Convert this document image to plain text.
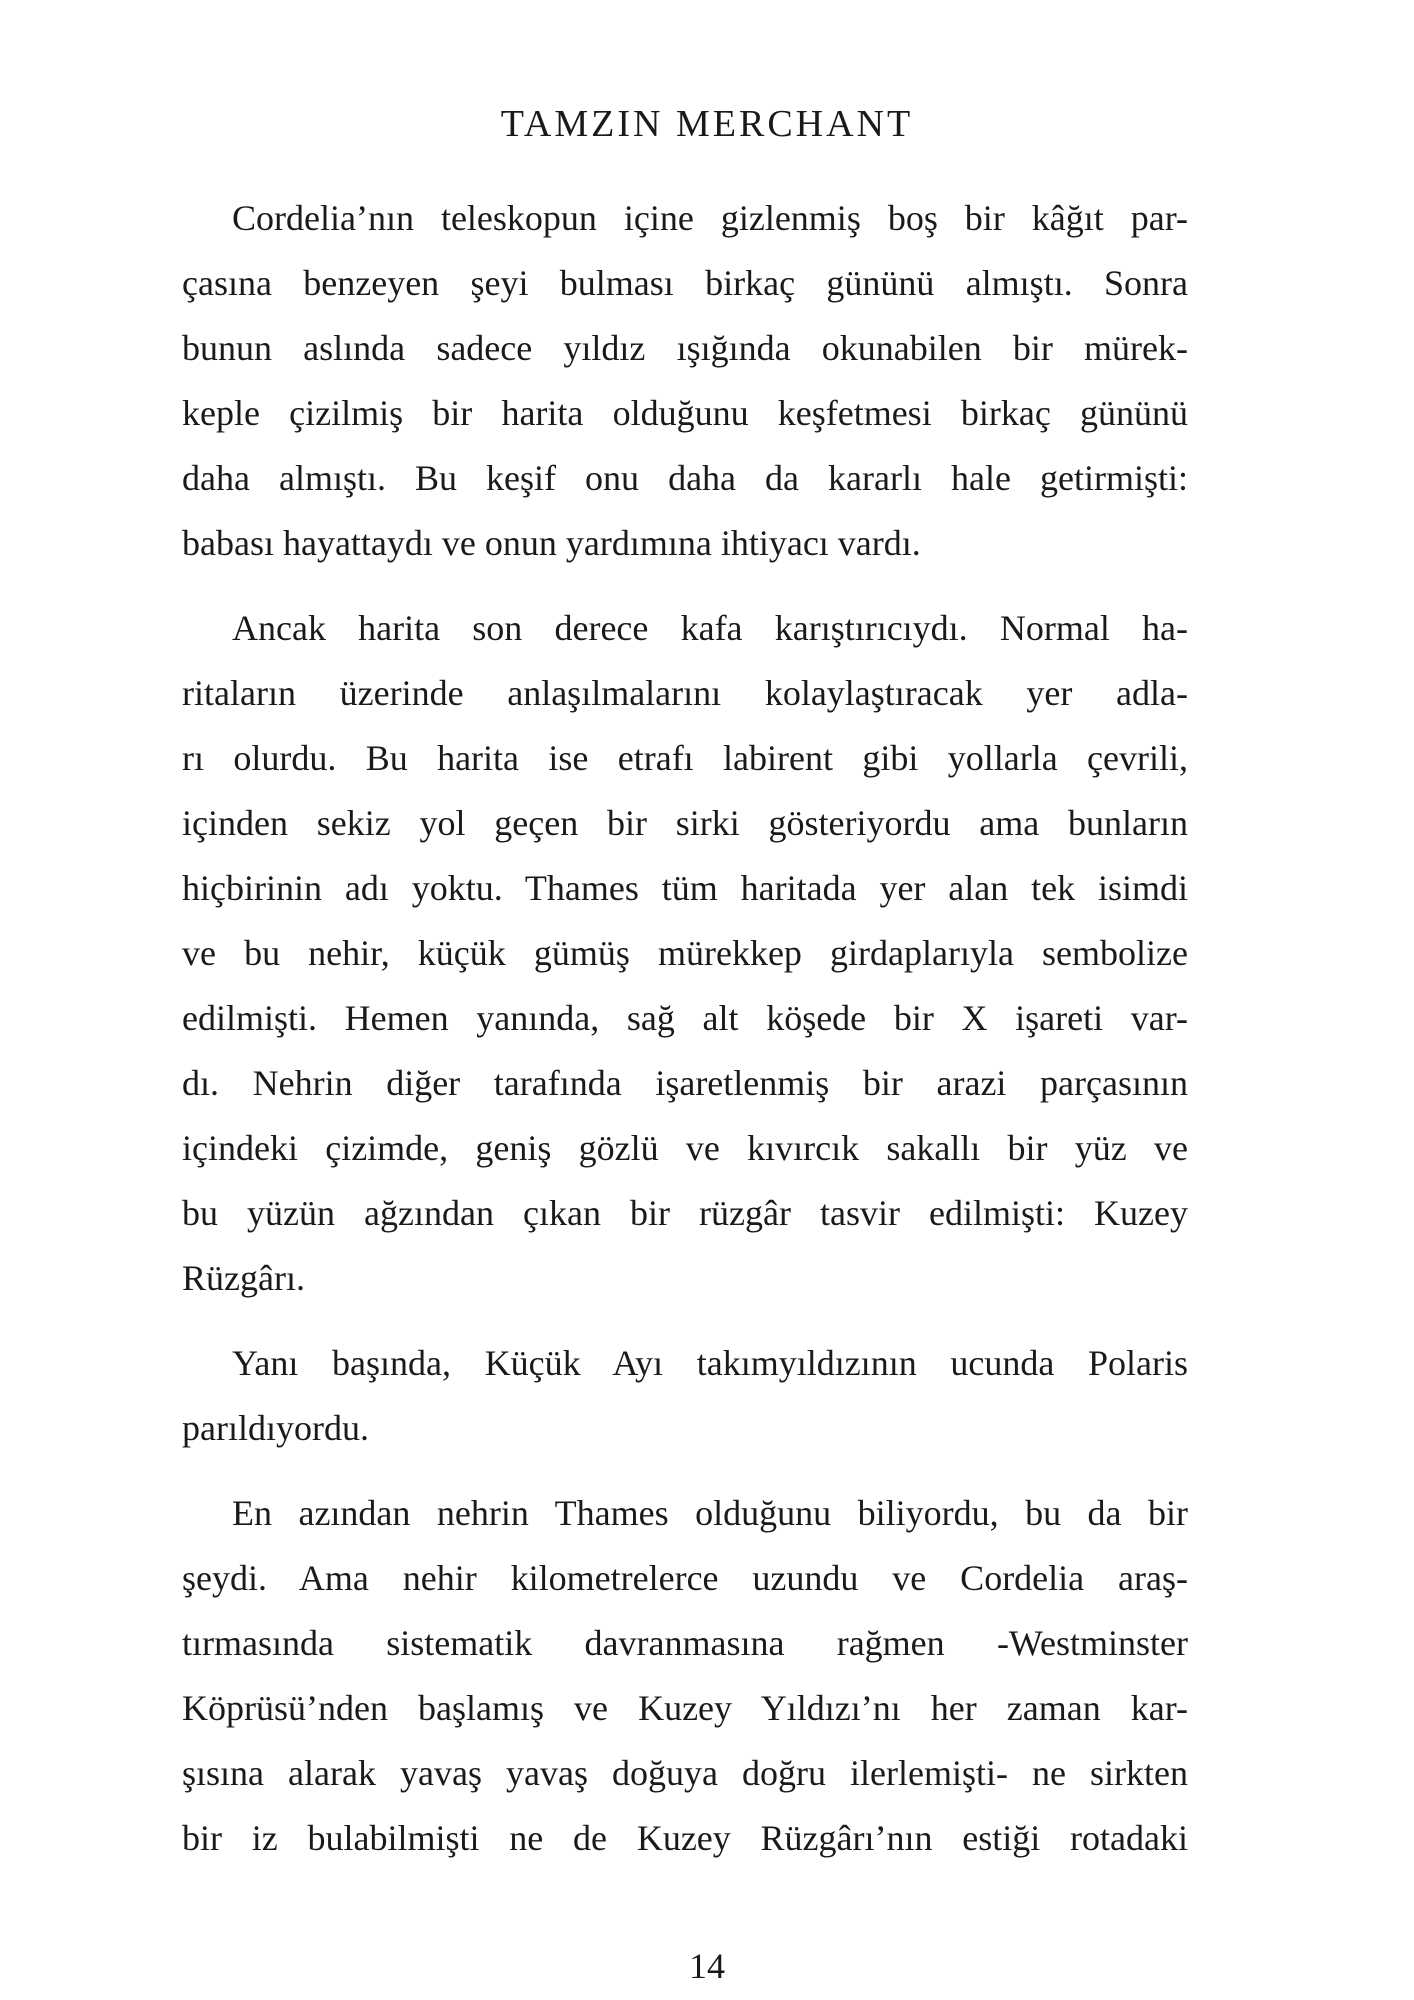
TAMZIN MERCHANT

Cordelia’nın teleskopun içine gizlenmiş boş bir kâğıt par-
çasına benzeyen şeyi bulması birkaç gününü almıştı. Sonra
bunun aslında sadece yıldız ışığında okunabilen bir mürek-
keple çizilmiş bir harita olduğunu keşfetmesi birkaç gününü
daha almıştı. Bu keşif onu daha da kararlı hale getirmişti:
babası hayattaydı ve onun yardımına ihtiyacı vardı.

Ancak harita son derece kafa karıştırıcıydı. Normal ha-
ritaların üzerinde anlaşılmalarını kolaylaştıracak yer adla-
rı olurdu. Bu harita ise etrafı labirent gibi yollarla çevrili,
içinden sekiz yol geçen bir sirki gösteriyordu ama bunların
hiçbirinin adı yoktu. Thames tüm haritada yer alan tek isimdi
ve bu nehir, küçük gümüş mürekkep girdaplarıyla sembolize
edilmişti. Hemen yanında, sağ alt köşede bir X işareti var-
dı. Nehrin diğer tarafında işaretlenmiş bir arazi parçasının
içindeki çizimde, geniş gözlü ve kıvırcık sakallı bir yüz ve
bu yüzün ağzından çıkan bir rüzgâr tasvir edilmişti: Kuzey
Rüzgârı.

Yanı başında, Küçük Ayı takımyıldızının ucunda Polaris
parıldıyordu.

En azından nehrin Thames olduğunu biliyordu, bu da bir
şeydi. Ama nehir kilometrelerce uzundu ve Cordelia araş-
tırmasında sistematik davranmasına rağmen -Westminster
Köprüsü’nden başlamış ve Kuzey Yıldızı’nı her zaman kar-
şısına alarak yavaş yavaş doğuya doğru ilerlemişti- ne sirkten
bir iz bulabilmişti ne de Kuzey Rüzgârı’nın estiği rotadaki

14
